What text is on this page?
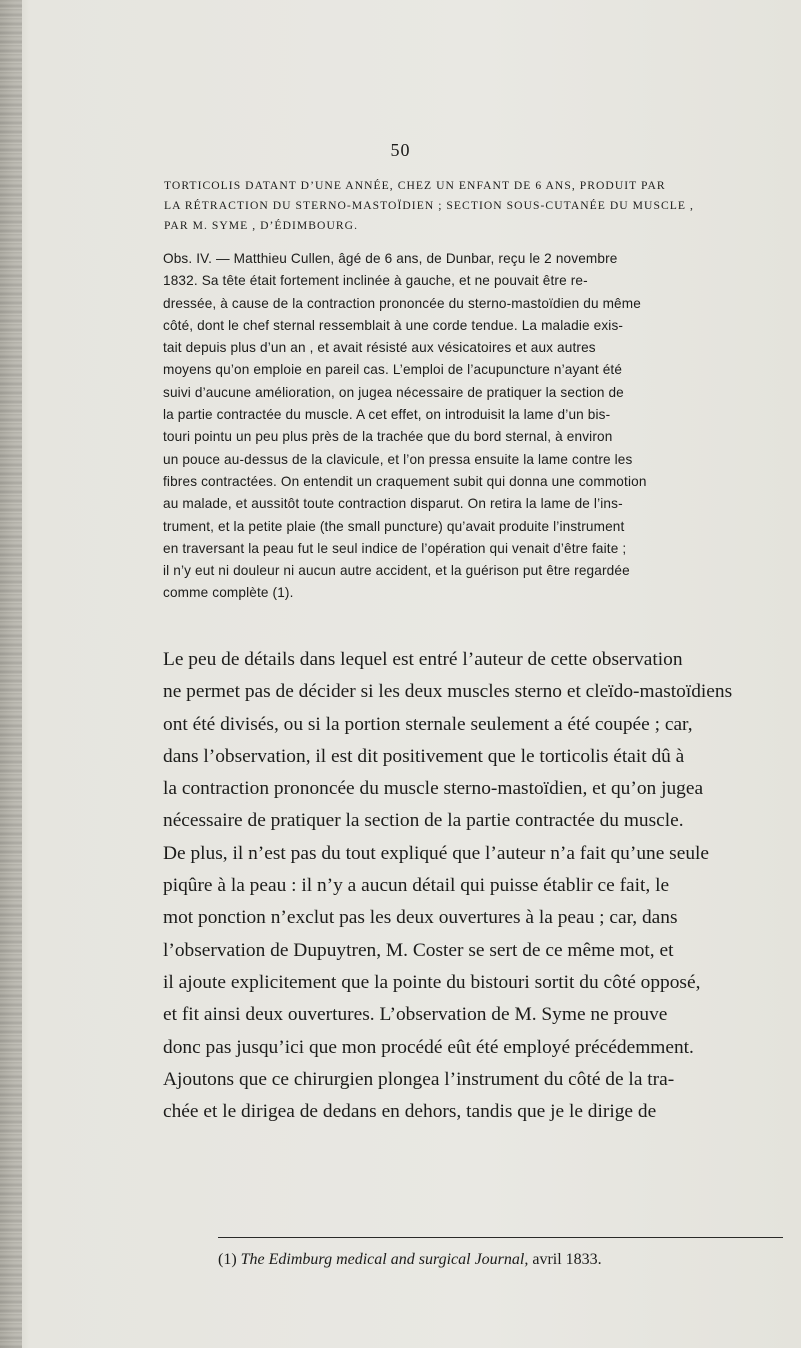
50
TORTICOLIS DATANT D’UNE ANNÉE, CHEZ UN ENFANT DE 6 ANS, PRODUIT PAR
LA RÉTRACTION DU STERNO-MASTOÏDIEN ; SECTION SOUS-CUTANÉE DU MUSCLE ,
PAR M. SYME , D’ÉDIMBOURG.
Obs. IV. — Matthieu Cullen, âgé de 6 ans, de Dunbar, reçu le 2 novembre
1832. Sa tête était fortement inclinée à gauche, et ne pouvait être re-
dressée, à cause de la contraction prononcée du sterno-mastoïdien du même
côté, dont le chef sternal ressemblait à une corde tendue. La maladie exis-
tait depuis plus d’un an , et avait résisté aux vésicatoires et aux autres
moyens qu’on emploie en pareil cas. L’emploi de l’acupuncture n’ayant été
suivi d’aucune amélioration, on jugea nécessaire de pratiquer la section de
la partie contractée du muscle. A cet effet, on introduisit la lame d’un bis-
touri pointu un peu plus près de la trachée que du bord sternal, à environ
un pouce au-dessus de la clavicule, et l’on pressa ensuite la lame contre les
fibres contractées. On entendit un craquement subit qui donna une commotion
au malade, et aussitôt toute contraction disparut. On retira la lame de l’ins-
trument, et la petite plaie (the small puncture) qu’avait produite l’instrument
en traversant la peau fut le seul indice de l’opération qui venait d’être faite ;
il n’y eut ni douleur ni aucun autre accident, et la guérison put être regardée
comme complète (1).
Le peu de détails dans lequel est entré l’auteur de cette observation
ne permet pas de décider si les deux muscles sterno et cleïdo-mastoïdiens
ont été divisés, ou si la portion sternale seulement a été coupée ; car,
dans l’observation, il est dit positivement que le torticolis était dû à
la contraction prononcée du muscle sterno-mastoïdien, et qu’on jugea
nécessaire de pratiquer la section de la partie contractée du muscle.
De plus, il n’est pas du tout expliqué que l’auteur n’a fait qu’une seule
piqûre à la peau : il n’y a aucun détail qui puisse établir ce fait, le
mot ponction n’exclut pas les deux ouvertures à la peau ; car, dans
l’observation de Dupuytren, M. Coster se sert de ce même mot, et
il ajoute explicitement que la pointe du bistouri sortit du côté opposé,
et fit ainsi deux ouvertures. L’observation de M. Syme ne prouve
donc pas jusqu’ici que mon procédé eût été employé précédemment.
Ajoutons que ce chirurgien plongea l’instrument du côté de la tra-
chée et le dirigea de dedans en dehors, tandis que je le dirige de
(1) The Edimburg medical and surgical Journal, avril 1833.
